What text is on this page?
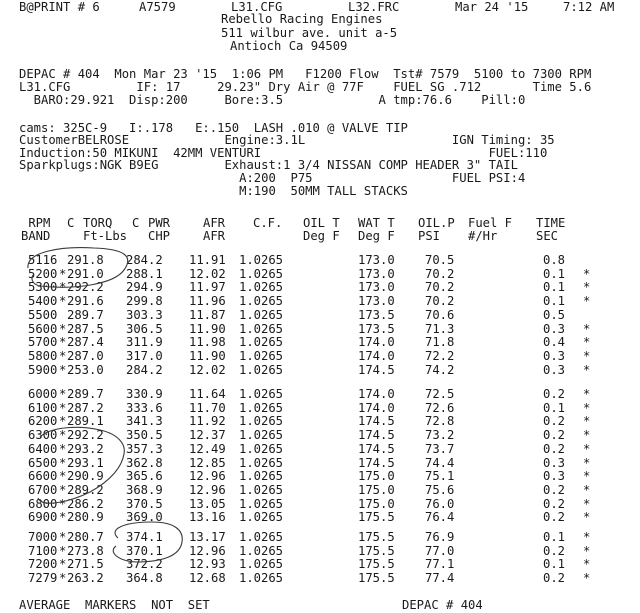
B@PRINT # 6	A7579	L31.CFG	L32.FRC	Mar 24 '15	7:12 AM
Rebello Racing Engines
511 wilbur ave. unit a-5
Antioch Ca 94509
DEPAC # 404  Mon Mar 23 '15  1:06 PM   F1200 Flow  Tst# 7579  5100 to 7300 RPM
L31.CFG         IF: 17     29.23" Dry Air @ 77F    FUEL SG .712       Time 5.6
BARO:29.921  Disp:200     Bore:3.5             A tmp:76.6    Pill:0
cams: 325C-9   I:.178   E:.150  LASH .010 @ VALVE TIP
CustomerBELROSE             Engine:3.1L                    IGN Timing: 35
Induction:50 MIKUNI  42MM VENTURI                               FUEL:110
Sparkplugs:NGK B9EG         Exhaust:1 3/4 NISSAN COMP HEADER 3" TAIL
A:200  P75                   FUEL PSI:4
M:190  50MM TALL STACKS
RPM C TORQ C PWR	AFR C.F. OIL T WAT T OIL.P Fuel F TIME
BAND	Ft-Lbs CHP	AFR	Deg F Deg F PSI #/Hr	SEC
5116 291.8 284.2 11.91 1.0265	173.0 70.5	0.8
5200 * 291.0 288.1 12.02 1.0265	173.0 70.2	0.1 *
5300 * 292.2 294.9 11.97 1.0265	173.0 70.2	0.1 *
5400 * 291.6 299.8 11.96 1.0265	173.0 70.2	0.1 *
5500 289.7 303.3 11.87 1.0265	173.5 70.6	0.5
5600 * 287.5 306.5 11.90 1.0265	173.5 71.3	0.3 *
5700 * 287.4 311.9 11.98 1.0265	174.0 71.8	0.4 *
5800 * 287.0 317.0 11.90 1.0265	174.0 72.2	0.3 *
5900 * 253.0 284.2 12.02 1.0265	174.5 74.2	0.3 *
6000 * 289.7 330.9 11.64 1.0265	174.0 72.5	0.2 *
6100 * 287.2 333.6 11.70 1.0265	174.0 72.6	0.1 *
6200 * 289.1 341.3 11.92 1.0265	174.5 72.8	0.2 *
6300 * 292.2 350.5 12.37 1.0265	174.5 73.2	0.2 *
6400 * 293.2 357.3 12.49 1.0265	174.5 73.7	0.2 *
6500 * 293.1 362.8 12.85 1.0265	174.5 74.4	0.3 *
6600 * 290.9 365.6 12.96 1.0265	175.0 75.1	0.3 *
6700 * 289.2 368.9 12.96 1.0265	175.0 75.6	0.2 *
6800 * 286.2 370.5 13.05 1.0265	175.0 76.0	0.2 *
6900 * 280.9 369.0 13.16 1.0265	175.5 76.4	0.2 *
7000 * 280.7 374.1 13.17 1.0265	175.5 76.9	0.1 *
7100 * 273.8 370.1 12.96 1.0265	175.5 77.0	0.2 *
7200 * 271.5 372.2 12.93 1.0265	175.5 77.1	0.1 *
7279 * 263.2 364.8 12.68 1.0265	175.5 77.4	0.2 *
AVERAGE  MARKERS  NOT  SET	DEPAC # 404
